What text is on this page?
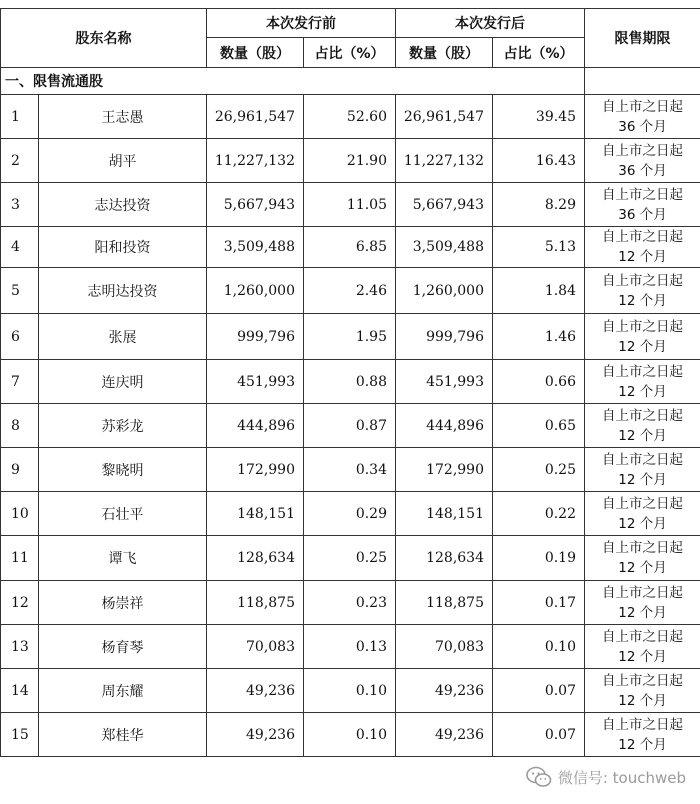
股东名称		本次发行前		本次发行后		限售期限
		数量（股）	占比（%）	数量（股）	占比（%）	
一、限售流通股						
1	王志愚	26,961,547	52.60	26,961,547	39.45	自上市之日起
36 个月

2	胡平	11,227,132	21.90	11,227,132	16.43	自上市之日起
36 个月

3	志达投资	5,667,943	11.05	5,667,943	8.29	自上市之日起
36 个月

4	阳和投资	3,509,488	6.85	3,509,488	5.13	自上市之日起
12 个月

5	志明达投资	1,260,000	2.46	1,260,000	1.84	自上市之日起
12 个月

6	张展	999,796	1.95	999,796	1.46	自上市之日起
12 个月

7	连庆明	451,993	0.88	451,993	0.66	自上市之日起
12 个月

8	苏彩龙	444,896	0.87	444,896	0.65	自上市之日起
12 个月

9	黎晓明	172,990	0.34	172,990	0.25	自上市之日起
12 个月

10	石壮平	148,151	0.29	148,151	0.22	自上市之日起
12 个月

11	谭飞	128,634	0.25	128,634	0.19	自上市之日起
12 个月

12	杨崇祥	118,875	0.23	118,875	0.17	自上市之日起
12 个月

13	杨育琴	70,083	0.13	70,083	0.10	自上市之日起
12 个月

14	周东耀	49,236	0.10	49,236	0.07	自上市之日起
12 个月

15	郑桂华	49,236	0.10	49,236	0.07	自上市之日起
12 个月
微信号: touchweb
